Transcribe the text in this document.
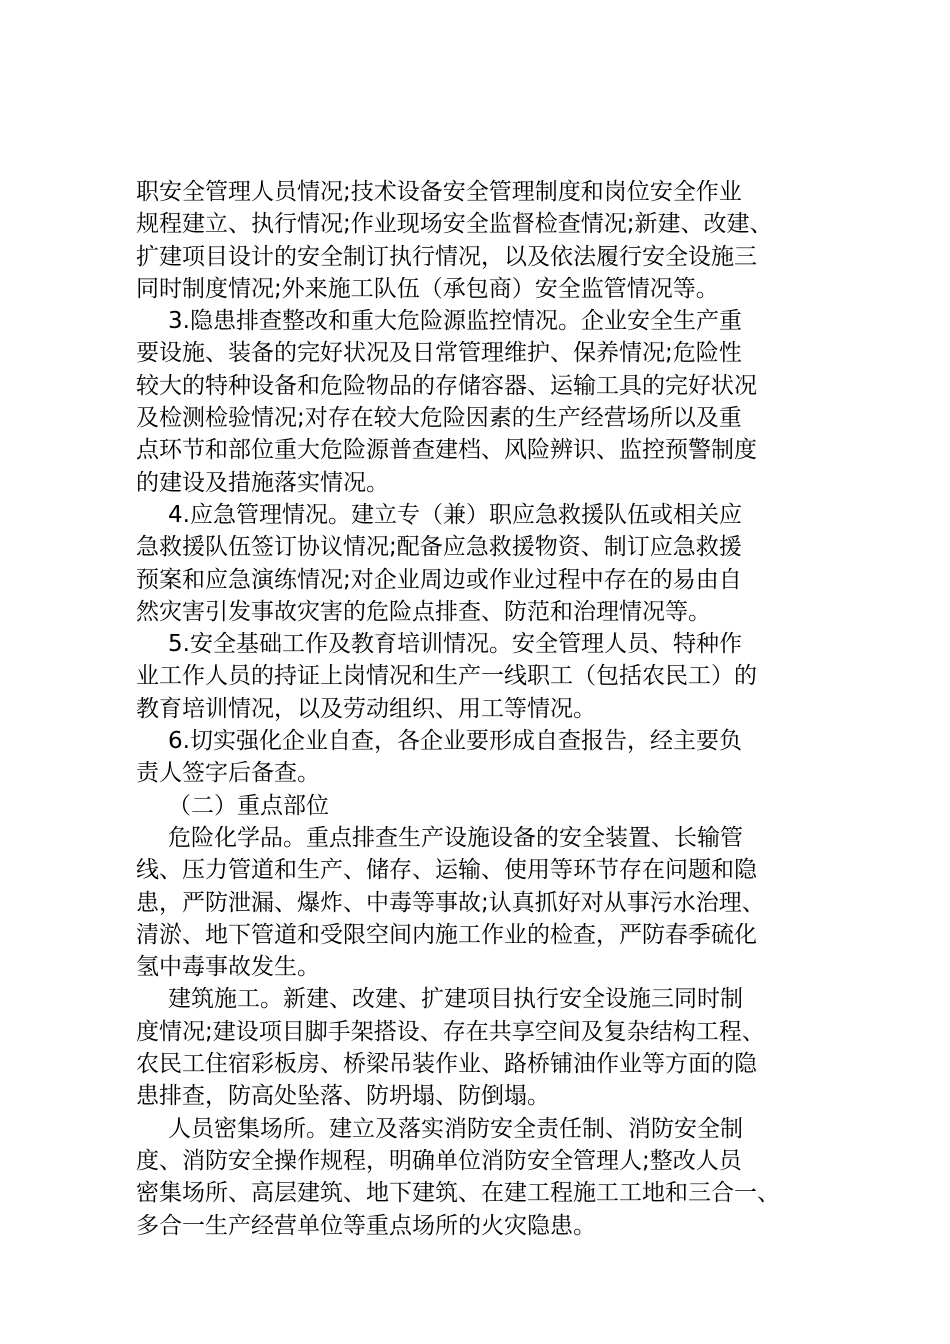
职安全管理人员情况;技术设备安全管理制度和岗位安全作业
规程建立、执行情况;作业现场安全监督检查情况;新建、改建、
扩建项目设计的安全制订执行情况，以及依法履行安全设施三
同时制度情况;外来施工队伍（承包商）安全监管情况等。
3.隐患排查整改和重大危险源监控情况。企业安全生产重
要设施、装备的完好状况及日常管理维护、保养情况;危险性
较大的特种设备和危险物品的存储容器、运输工具的完好状况
及检测检验情况;对存在较大危险因素的生产经营场所以及重
点环节和部位重大危险源普查建档、风险辨识、监控预警制度
的建设及措施落实情况。
4.应急管理情况。建立专（兼）职应急救援队伍或相关应
急救援队伍签订协议情况;配备应急救援物资、制订应急救援
预案和应急演练情况;对企业周边或作业过程中存在的易由自
然灾害引发事故灾害的危险点排查、防范和治理情况等。
5.安全基础工作及教育培训情况。安全管理人员、特种作
业工作人员的持证上岗情况和生产一线职工（包括农民工）的
教育培训情况，以及劳动组织、用工等情况。
6.切实强化企业自查，各企业要形成自查报告，经主要负
责人签字后备查。
（二）重点部位
危险化学品。重点排查生产设施设备的安全装置、长输管
线、压力管道和生产、储存、运输、使用等环节存在问题和隐
患，严防泄漏、爆炸、中毒等事故;认真抓好对从事污水治理、
清淤、地下管道和受限空间内施工作业的检查，严防春季硫化
氢中毒事故发生。
建筑施工。新建、改建、扩建项目执行安全设施三同时制
度情况;建设项目脚手架搭设、存在共享空间及复杂结构工程、
农民工住宿彩板房、桥梁吊装作业、路桥铺油作业等方面的隐
患排查，防高处坠落、防坍塌、防倒塌。
人员密集场所。建立及落实消防安全责任制、消防安全制
度、消防安全操作规程，明确单位消防安全管理人;整改人员
密集场所、高层建筑、地下建筑、在建工程施工工地和三合一、
多合一生产经营单位等重点场所的火灾隐患。
